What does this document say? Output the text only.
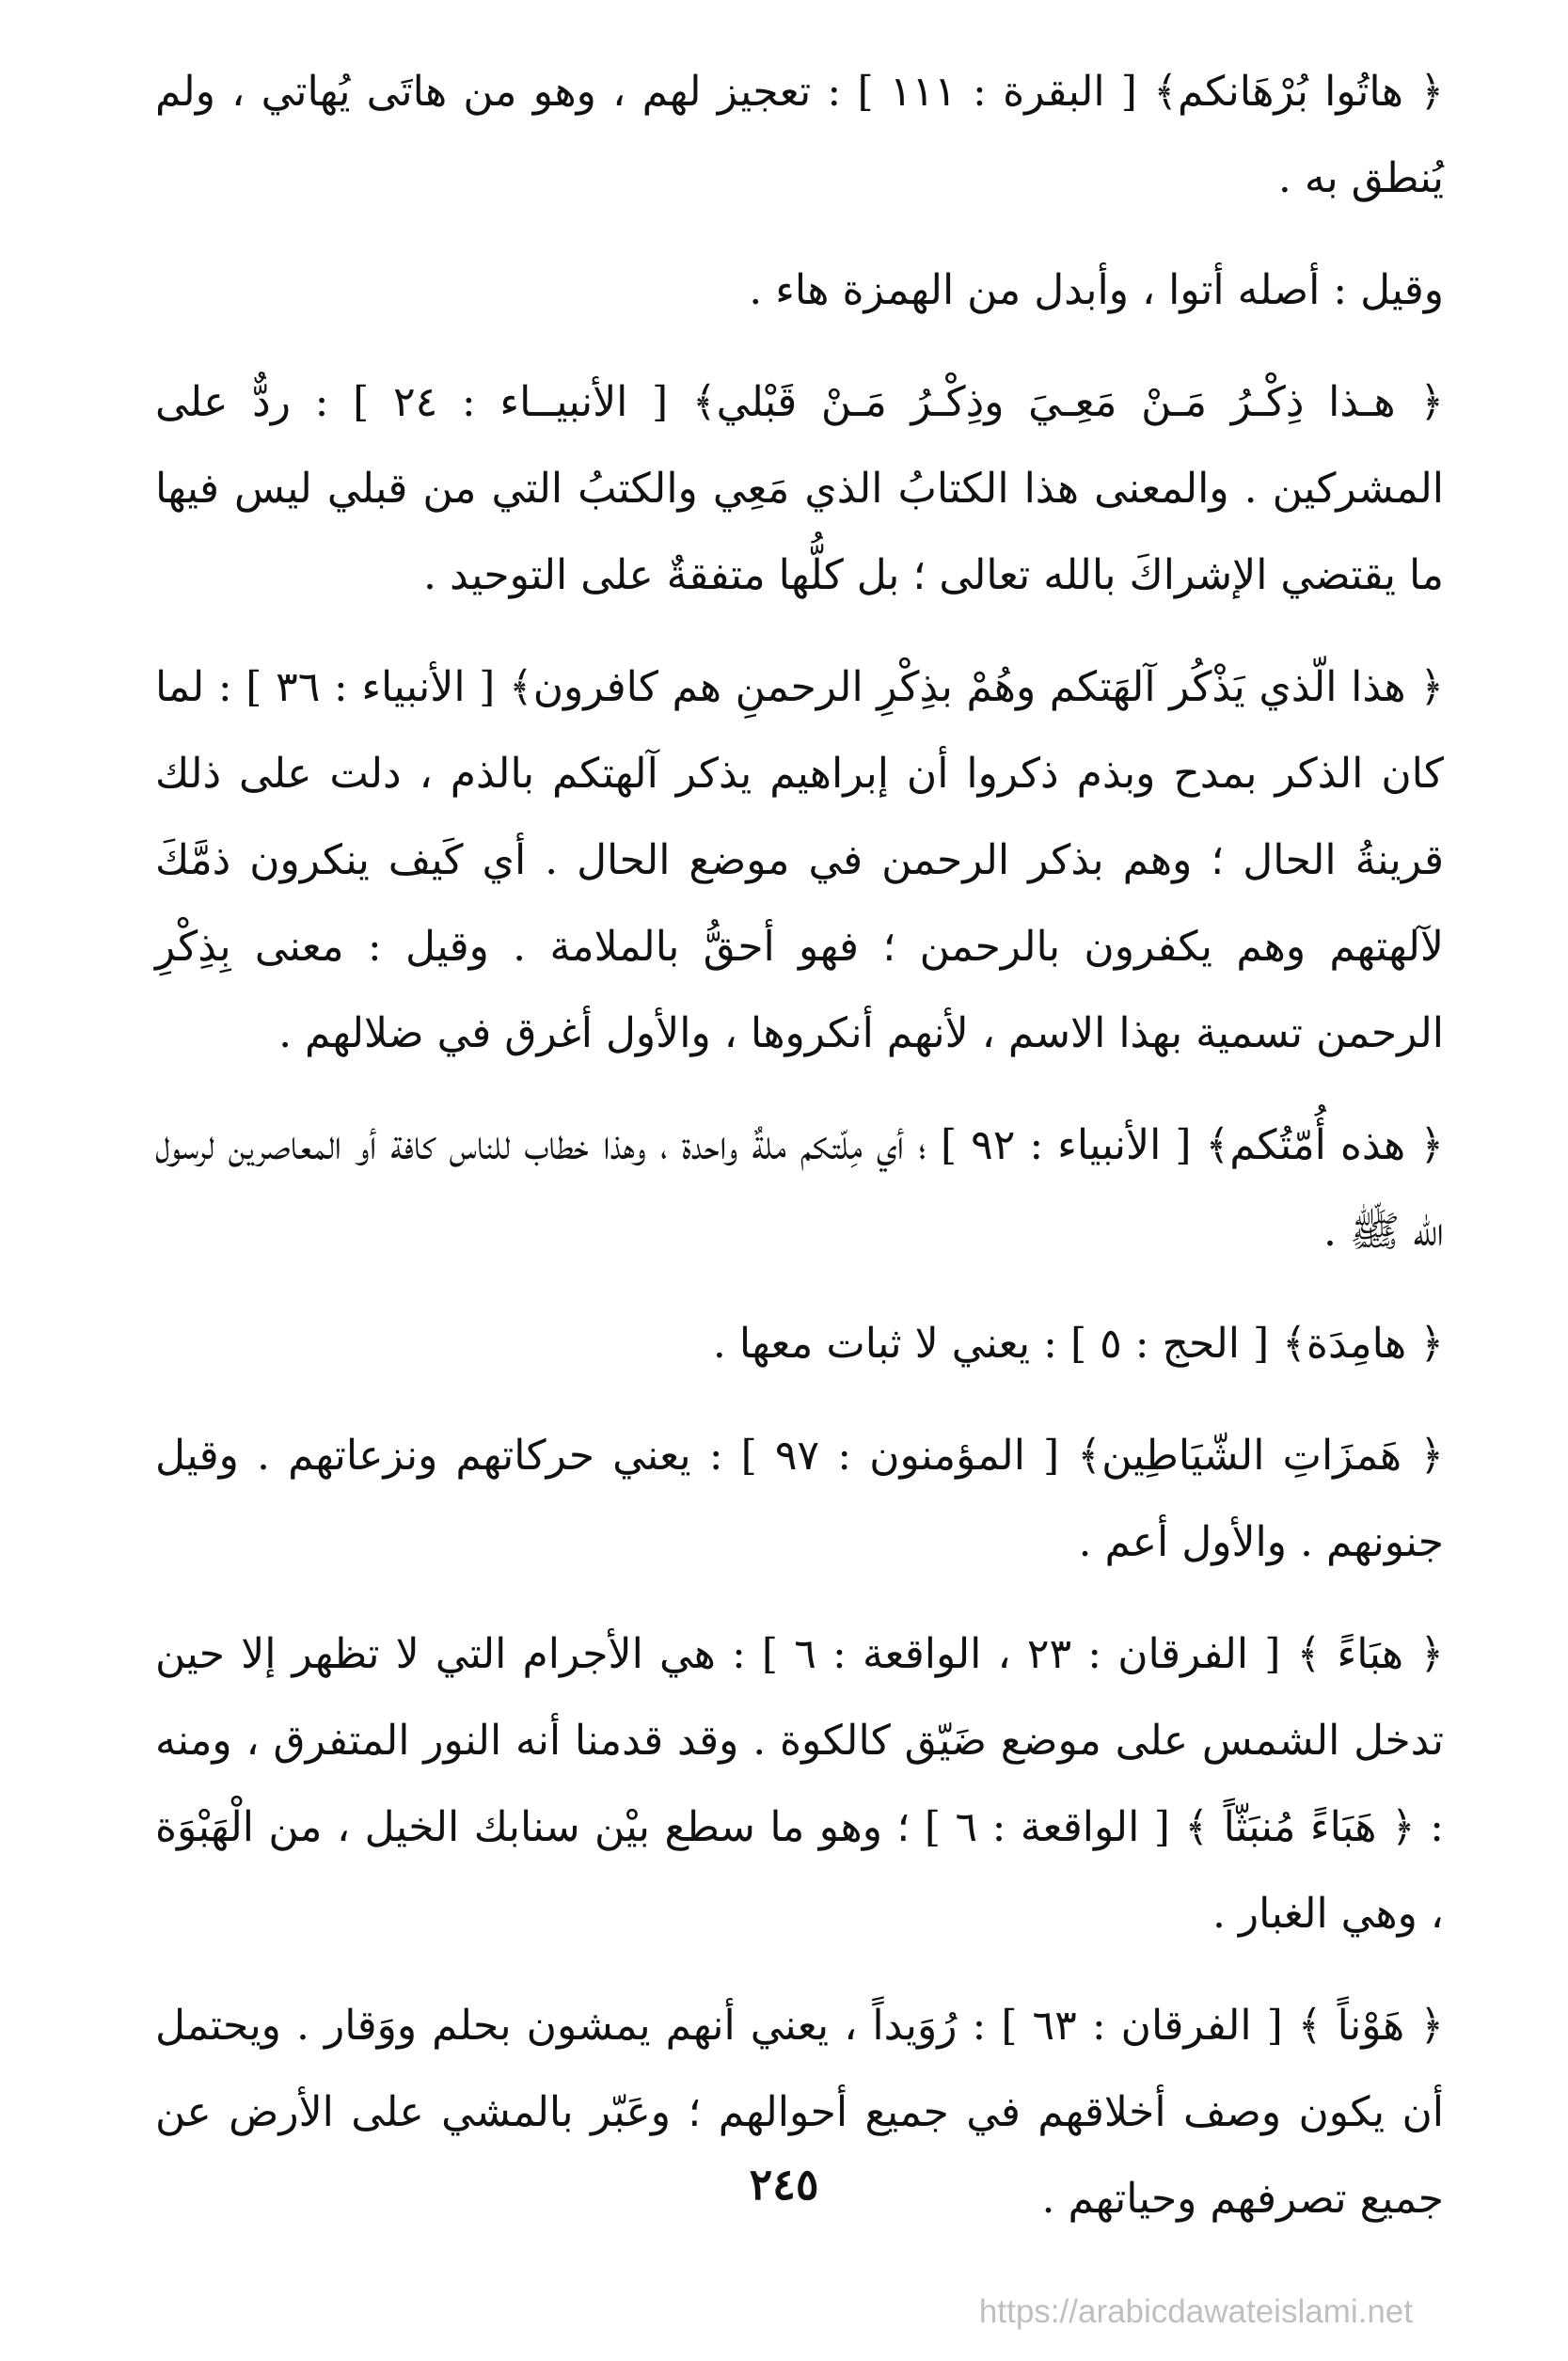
﴿ هاتُوا بُرْهَانكم﴾ [ البقرة : ١١١ ] : تعجيز لهم ، وهو من هاتَى يُهاتي ، ولم يُنطق به .

وقيل : أصله أتوا ، وأبدل من الهمزة هاء .

﴿ هـذا ذِكْـرُ مَـنْ مَعِـيَ وذِكْـرُ مَـنْ قَبْلي﴾ [ الأنبيــاء : ٢٤ ] : ردٌّ على المشركين . والمعنى هذا الكتابُ الذي مَعِي والكتبُ التي من قبلي ليس فيها ما يقتضي الإشراكَ بالله تعالى ؛ بل كلُّها متفقةٌ على التوحيد .

﴿ هذا الّذي يَذْكُر آلهَتكم وهُمْ بذِكْرِ الرحمنِ هم كافرون﴾ [ الأنبياء : ٣٦ ] : لما كان الذكر بمدح وبذم ذكروا أن إبراهيم يذكر آلهتكم بالذم ، دلت على ذلك قرينةُ الحال ؛ وهم بذكر الرحمن في موضع الحال . أي كَيف ينكرون ذمَّكَ لآلهتهم وهم يكفرون بالرحمن ؛ فهو أحقُّ بالملامة . وقيل : معنى بِذِكْرِ الرحمن تسمية بهذا الاسم ، لأنهم أنكروها ، والأول أغرق في ضلالهم .

﴿ هذه أُمّتُكم﴾ [ الأنبياء : ٩٢ ] ؛ أي مِلّتكم ملةٌ واحدة ، وهذا خطاب للناس كافة أو المعاصرين لرسول الله ﷺ .

﴿ هامِدَة﴾ [ الحج : ٥ ] : يعني لا ثبات معها .

﴿ هَمزَاتِ الشّيَاطِين﴾ [ المؤمنون : ٩٧ ] : يعني حركاتهم ونزعاتهم . وقيل جنونهم . والأول أعم .

﴿ هبَاءً ﴾ [ الفرقان : ٢٣ ، الواقعة : ٦ ] : هي الأجرام التي لا تظهر إلا حين تدخل الشمس على موضع ضَيّق كالكوة . وقد قدمنا أنه النور المتفرق ، ومنه : ﴿ هَبَاءً مُنبَثّاً ﴾ [ الواقعة : ٦ ] ؛ وهو ما سطع بيْن سنابك الخيل ، من الْهَبْوَة ، وهي الغبار .

﴿ هَوْناً ﴾ [ الفرقان : ٦٣ ] : رُوَيداً ، يعني أنهم يمشون بحلم ووَقار . ويحتمل أن يكون وصف أخلاقهم في جميع أحوالهم ؛ وعَبّر بالمشي على الأرض عن جميع تصرفهم وحياتهم .

٢٤٥
https://arabicdawateislami.net
